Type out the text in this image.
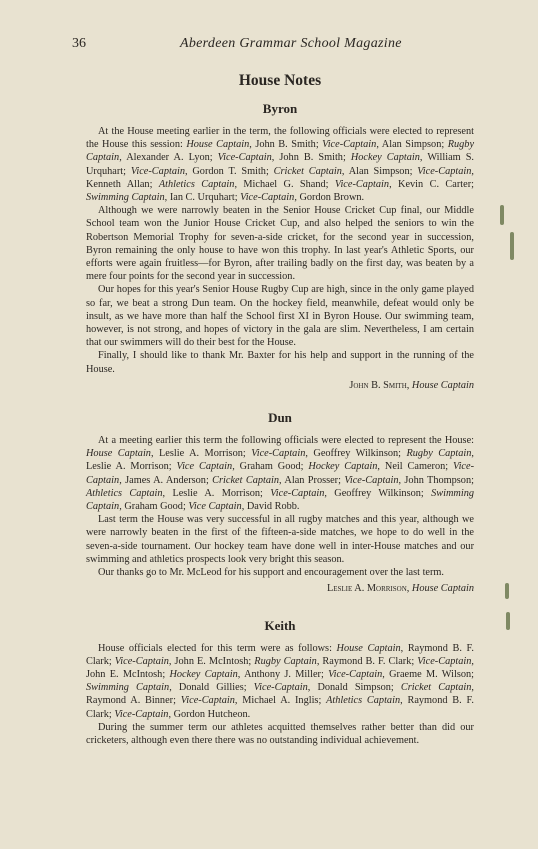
36	Aberdeen Grammar School Magazine
House Notes
Byron

At the House meeting earlier in the term, the following officials were elected to represent the House this session: House Captain, John B. Smith; Vice-Captain, Alan Simpson; Rugby Captain, Alexander A. Lyon; Vice-Captain, John B. Smith; Hockey Captain, William S. Urquhart; Vice-Captain, Gordon T. Smith; Cricket Captain, Alan Simpson; Vice-Captain, Kenneth Allan; Athletics Captain, Michael G. Shand; Vice-Captain, Kevin C. Carter; Swimming Captain, Ian C. Urquhart; Vice-Captain, Gordon Brown.

Although we were narrowly beaten in the Senior House Cricket Cup final, our Middle School team won the Junior House Cricket Cup, and also helped the seniors to win the Robertson Memorial Trophy for seven-a-side cricket, for the second year in succession, Byron remaining the only house to have won this trophy. In last year's Athletic Sports, our efforts were again fruitless—for Byron, after trailing badly on the first day, was beaten by a mere four points for the second year in succession.

Our hopes for this year's Senior House Rugby Cup are high, since in the only game played so far, we beat a strong Dun team. On the hockey field, meanwhile, defeat would only be insult, as we have more than half the School first XI in Byron House. Our swimming team, however, is not strong, and hopes of victory in the gala are slim. Nevertheless, I am certain that our swimmers will do their best for the House.

Finally, I should like to thank Mr. Baxter for his help and support in the running of the House.

John B. Smith, House Captain
Dun

At a meeting earlier this term the following officials were elected to represent the House: House Captain, Leslie A. Morrison; Vice-Captain, Geoffrey Wilkinson; Rugby Captain, Leslie A. Morrison; Vice Captain, Graham Good; Hockey Captain, Neil Cameron; Vice-Captain, James A. Anderson; Cricket Captain, Alan Prosser; Vice-Captain, John Thompson; Athletics Captain, Leslie A. Morrison; Vice-Captain, Geoffrey Wilkinson; Swimming Captain, Graham Good; Vice Captain, David Robb.

Last term the House was very successful in all rugby matches and this year, although we were narrowly beaten in the first of the fifteen-a-side matches, we hope to do well in the seven-a-side tournament. Our hockey team have done well in inter-House matches and our swimming and athletics prospects look very bright this season.

Our thanks go to Mr. McLeod for his support and encouragement over the last term.

Leslie A. Morrison, House Captain
Keith

House officials elected for this term were as follows: House Captain, Raymond B. F. Clark; Vice-Captain, John E. McIntosh; Rugby Captain, Raymond B. F. Clark; Vice-Captain, John E. McIntosh; Hockey Captain, Anthony J. Miller; Vice-Captain, Graeme M. Wilson; Swimming Captain, Donald Gillies; Vice-Captain, Donald Simpson; Cricket Captain, Raymond A. Binner; Vice-Captain, Michael A. Inglis; Athletics Captain, Raymond B. F. Clark; Vice-Captain, Gordon Hutcheon.

During the summer term our athletes acquitted themselves rather better than did our cricketers, although even there there was no outstanding individual achievement.
